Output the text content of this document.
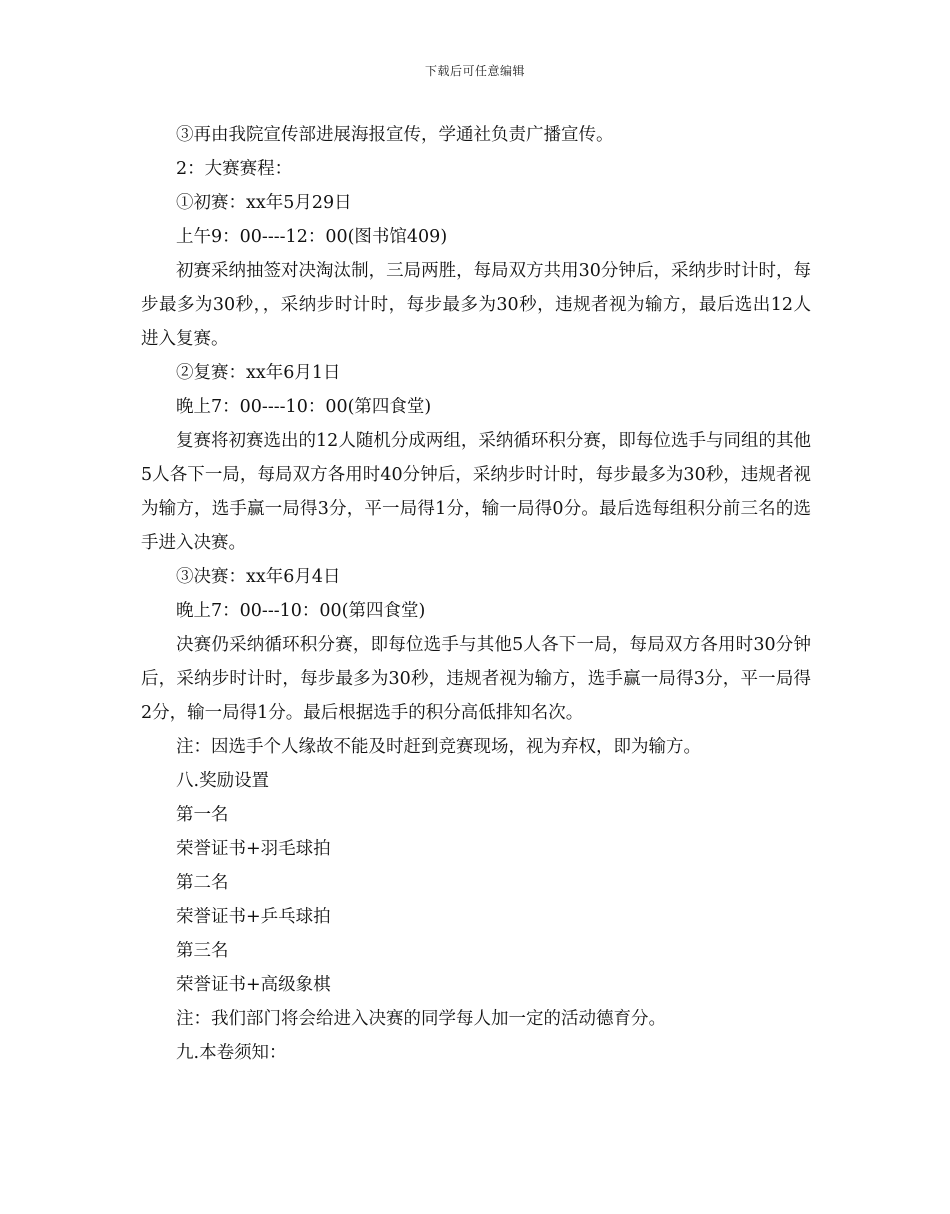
下载后可任意编辑

③再由我院宣传部进展海报宣传，学通社负责广播宣传。

2：大赛赛程：

①初赛：xx年5月29日

上午9：00----12：00(图书馆409)

初赛采纳抽签对决淘汰制，三局两胜，每局双方共用30分钟后，采纳步时计时，每步最多为30秒，，采纳步时计时，每步最多为30秒，违规者视为输方，最后选出12人进入复赛。

②复赛：xx年6月1日

晚上7：00----10：00(第四食堂)

复赛将初赛选出的12人随机分成两组，采纳循环积分赛，即每位选手与同组的其他5人各下一局，每局双方各用时40分钟后，采纳步时计时，每步最多为30秒，违规者视为输方，选手赢一局得3分，平一局得1分，输一局得0分。最后选每组积分前三名的选手进入决赛。

③决赛：xx年6月4日

晚上7：00---10：00(第四食堂)

决赛仍采纳循环积分赛，即每位选手与其他5人各下一局，每局双方各用时30分钟后，采纳步时计时，每步最多为30秒，违规者视为输方，选手赢一局得3分，平一局得2分，输一局得1分。最后根据选手的积分高低排知名次。

注：因选手个人缘故不能及时赶到竞赛现场，视为弃权，即为输方。

八.奖励设置

第一名

荣誉证书+羽毛球拍

第二名

荣誉证书+乒乓球拍

第三名

荣誉证书+高级象棋

注：我们部门将会给进入决赛的同学每人加一定的活动德育分。

九.本卷须知：
